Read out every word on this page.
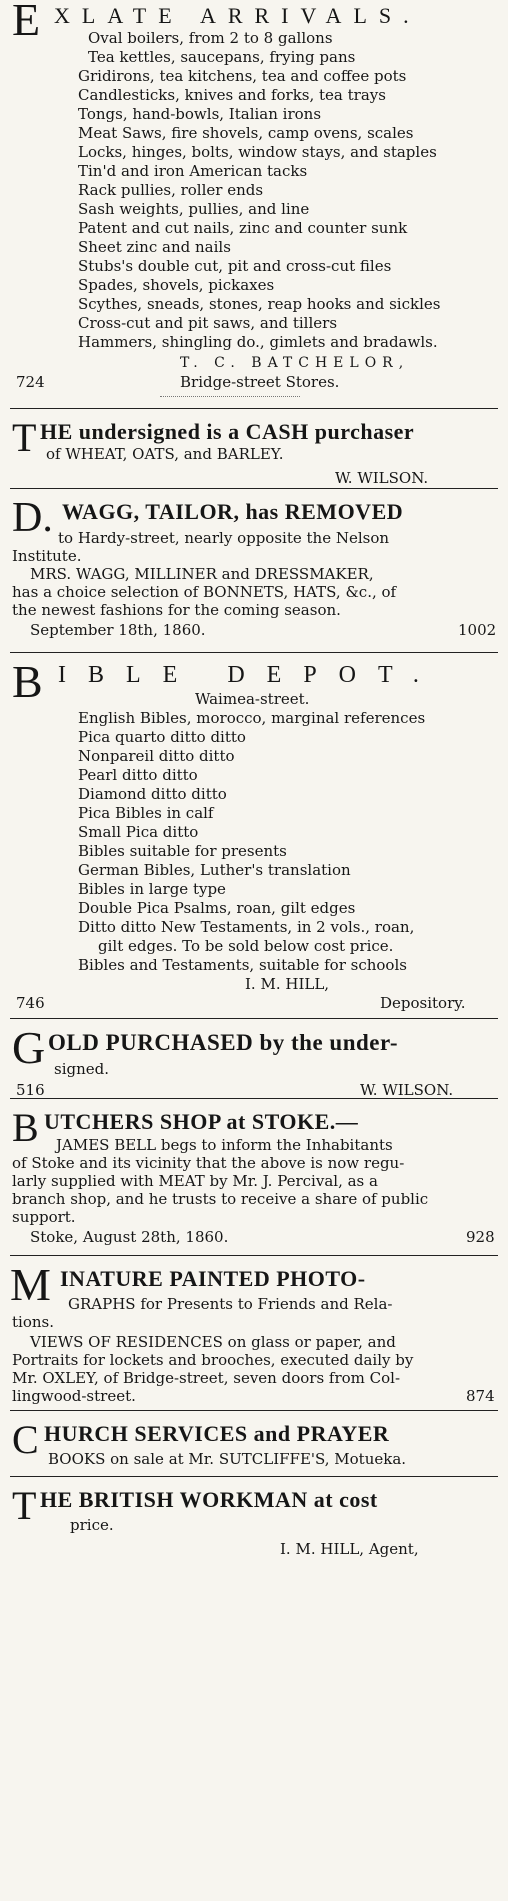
E XLATE ARRIVALS.
Oval boilers, from 2 to 8 gallons
Tea kettles, saucepans, frying pans
Gridirons, tea kitchens, tea and coffee pots
Candlesticks, knives and forks, tea trays
Tongs, hand-bowls, Italian irons
Meat Saws, fire shovels, camp ovens, scales
Locks, hinges, bolts, window stays, and staples
Tin'd and iron American tacks
Rack pullies, roller ends
Sash weights, pullies, and line
Patent and cut nails, zinc and counter sunk
Sheet zinc and nails
Stubs's double cut, pit and cross-cut files
Spades, shovels, pickaxes
Scythes, sneads, stones, reap hooks and sickles
Cross-cut and pit saws, and tillers
Hammers, shingling do., gimlets and bradawls.
T. C. BATCHELOR,
724	Bridge-street Stores.
T HE undersigned is a CASH purchaser
of WHEAT, OATS, and BARLEY.
W. WILSON.
D. WAGG, TAILOR, has REMOVED
to Hardy-street, nearly opposite the Nelson
Institute.
MRS. WAGG, MILLINER and DRESSMAKER,
has a choice selection of BONNETS, HATS, &c., of
the newest fashions for the coming season.
September 18th, 1860.	1002
B IBLE DEPOT.
Waimea-street.
English Bibles, morocco, marginal references
Pica quarto ditto ditto
Nonpareil ditto ditto
Pearl ditto ditto
Diamond ditto ditto
Pica Bibles in calf
Small Pica ditto
Bibles suitable for presents
German Bibles, Luther's translation
Bibles in large type
Double Pica Psalms, roan, gilt edges
Ditto ditto New Testaments, in 2 vols., roan,
gilt edges. To be sold below cost price.
Bibles and Testaments, suitable for schools
I. M. HILL,
746	Depository.
G OLD PURCHASED by the under-
signed.
516	W. WILSON.
B UTCHERS SHOP at STOKE.—
JAMES BELL begs to inform the Inhabitants
of Stoke and its vicinity that the above is now regu-
larly supplied with MEAT by Mr. J. Percival, as a
branch shop, and he trusts to receive a share of public
support.
Stoke, August 28th, 1860.	928
M INATURE PAINTED PHOTO-
GRAPHS for Presents to Friends and Rela-
tions.
VIEWS OF RESIDENCES on glass or paper, and
Portraits for lockets and brooches, executed daily by
Mr. OXLEY, of Bridge-street, seven doors from Col-
lingwood-street.	874
C HURCH SERVICES and PRAYER
BOOKS on sale at Mr. SUTCLIFFE'S, Motueka.
T HE BRITISH WORKMAN at cost
price.
I. M. HILL, Agent,
